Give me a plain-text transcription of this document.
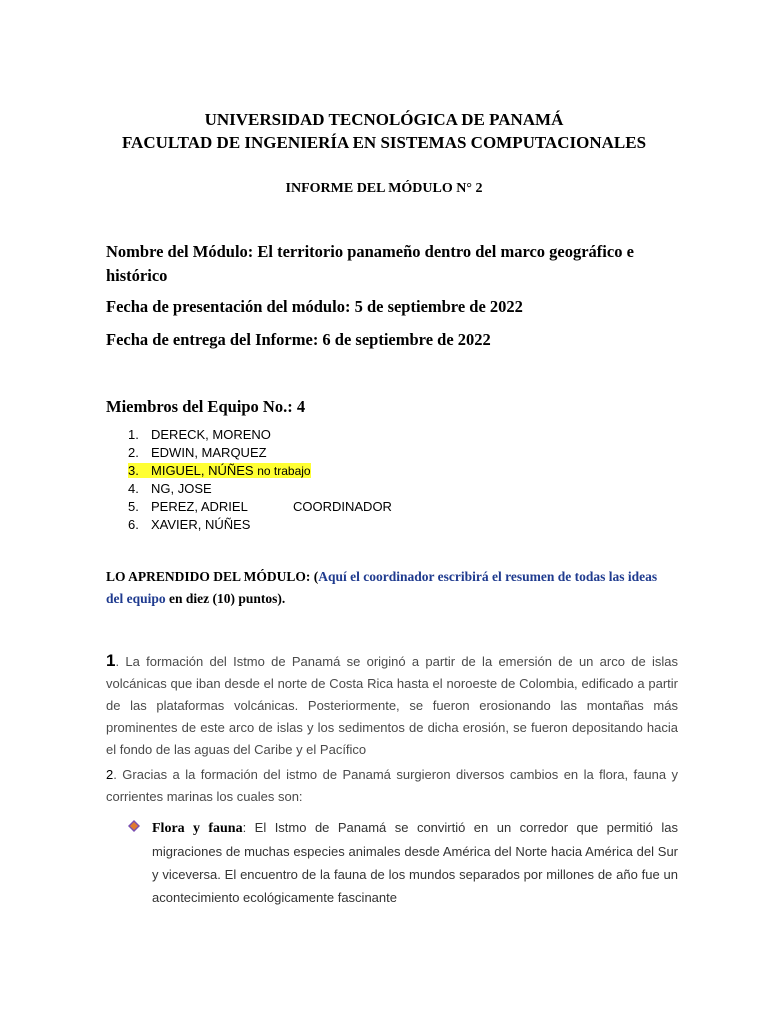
UNIVERSIDAD TECNOLÓGICA DE PANAMÁ
FACULTAD DE INGENIERÍA EN SISTEMAS COMPUTACIONALES
INFORME DEL MÓDULO N° 2
Nombre del Módulo: El territorio panameño dentro del marco geográfico e histórico
Fecha de presentación del módulo: 5 de septiembre de 2022
Fecha de entrega del Informe: 6 de septiembre de 2022
Miembros del Equipo No.: 4
1. DERECK, MORENO
2. EDWIN, MARQUEZ
3. MIGUEL, NÚÑES no trabajo
4. NG, JOSE
5. PEREZ, ADRIEL	COORDINADOR
6. XAVIER, NÚÑES
LO APRENDIDO DEL MÓDULO: (Aquí el coordinador escribirá el resumen de todas las ideas del equipo en diez (10) puntos).
1. La formación del Istmo de Panamá se originó a partir de la emersión de un arco de islas volcánicas que iban desde el norte de Costa Rica hasta el noroeste de Colombia, edificado a partir de las plataformas volcánicas. Posteriormente, se fueron erosionando las montañas más prominentes de este arco de islas y los sedimentos de dicha erosión, se fueron depositando hacia el fondo de las aguas del Caribe y el Pacífico
2. Gracias a la formación del istmo de Panamá surgieron diversos cambios en la flora, fauna y corrientes marinas los cuales son:
Flora y fauna: El Istmo de Panamá se convirtió en un corredor que permitió las migraciones de muchas especies animales desde América del Norte hacia América del Sur y viceversa. El encuentro de la fauna de los mundos separados por millones de año fue un acontecimiento ecológicamente fascinante
